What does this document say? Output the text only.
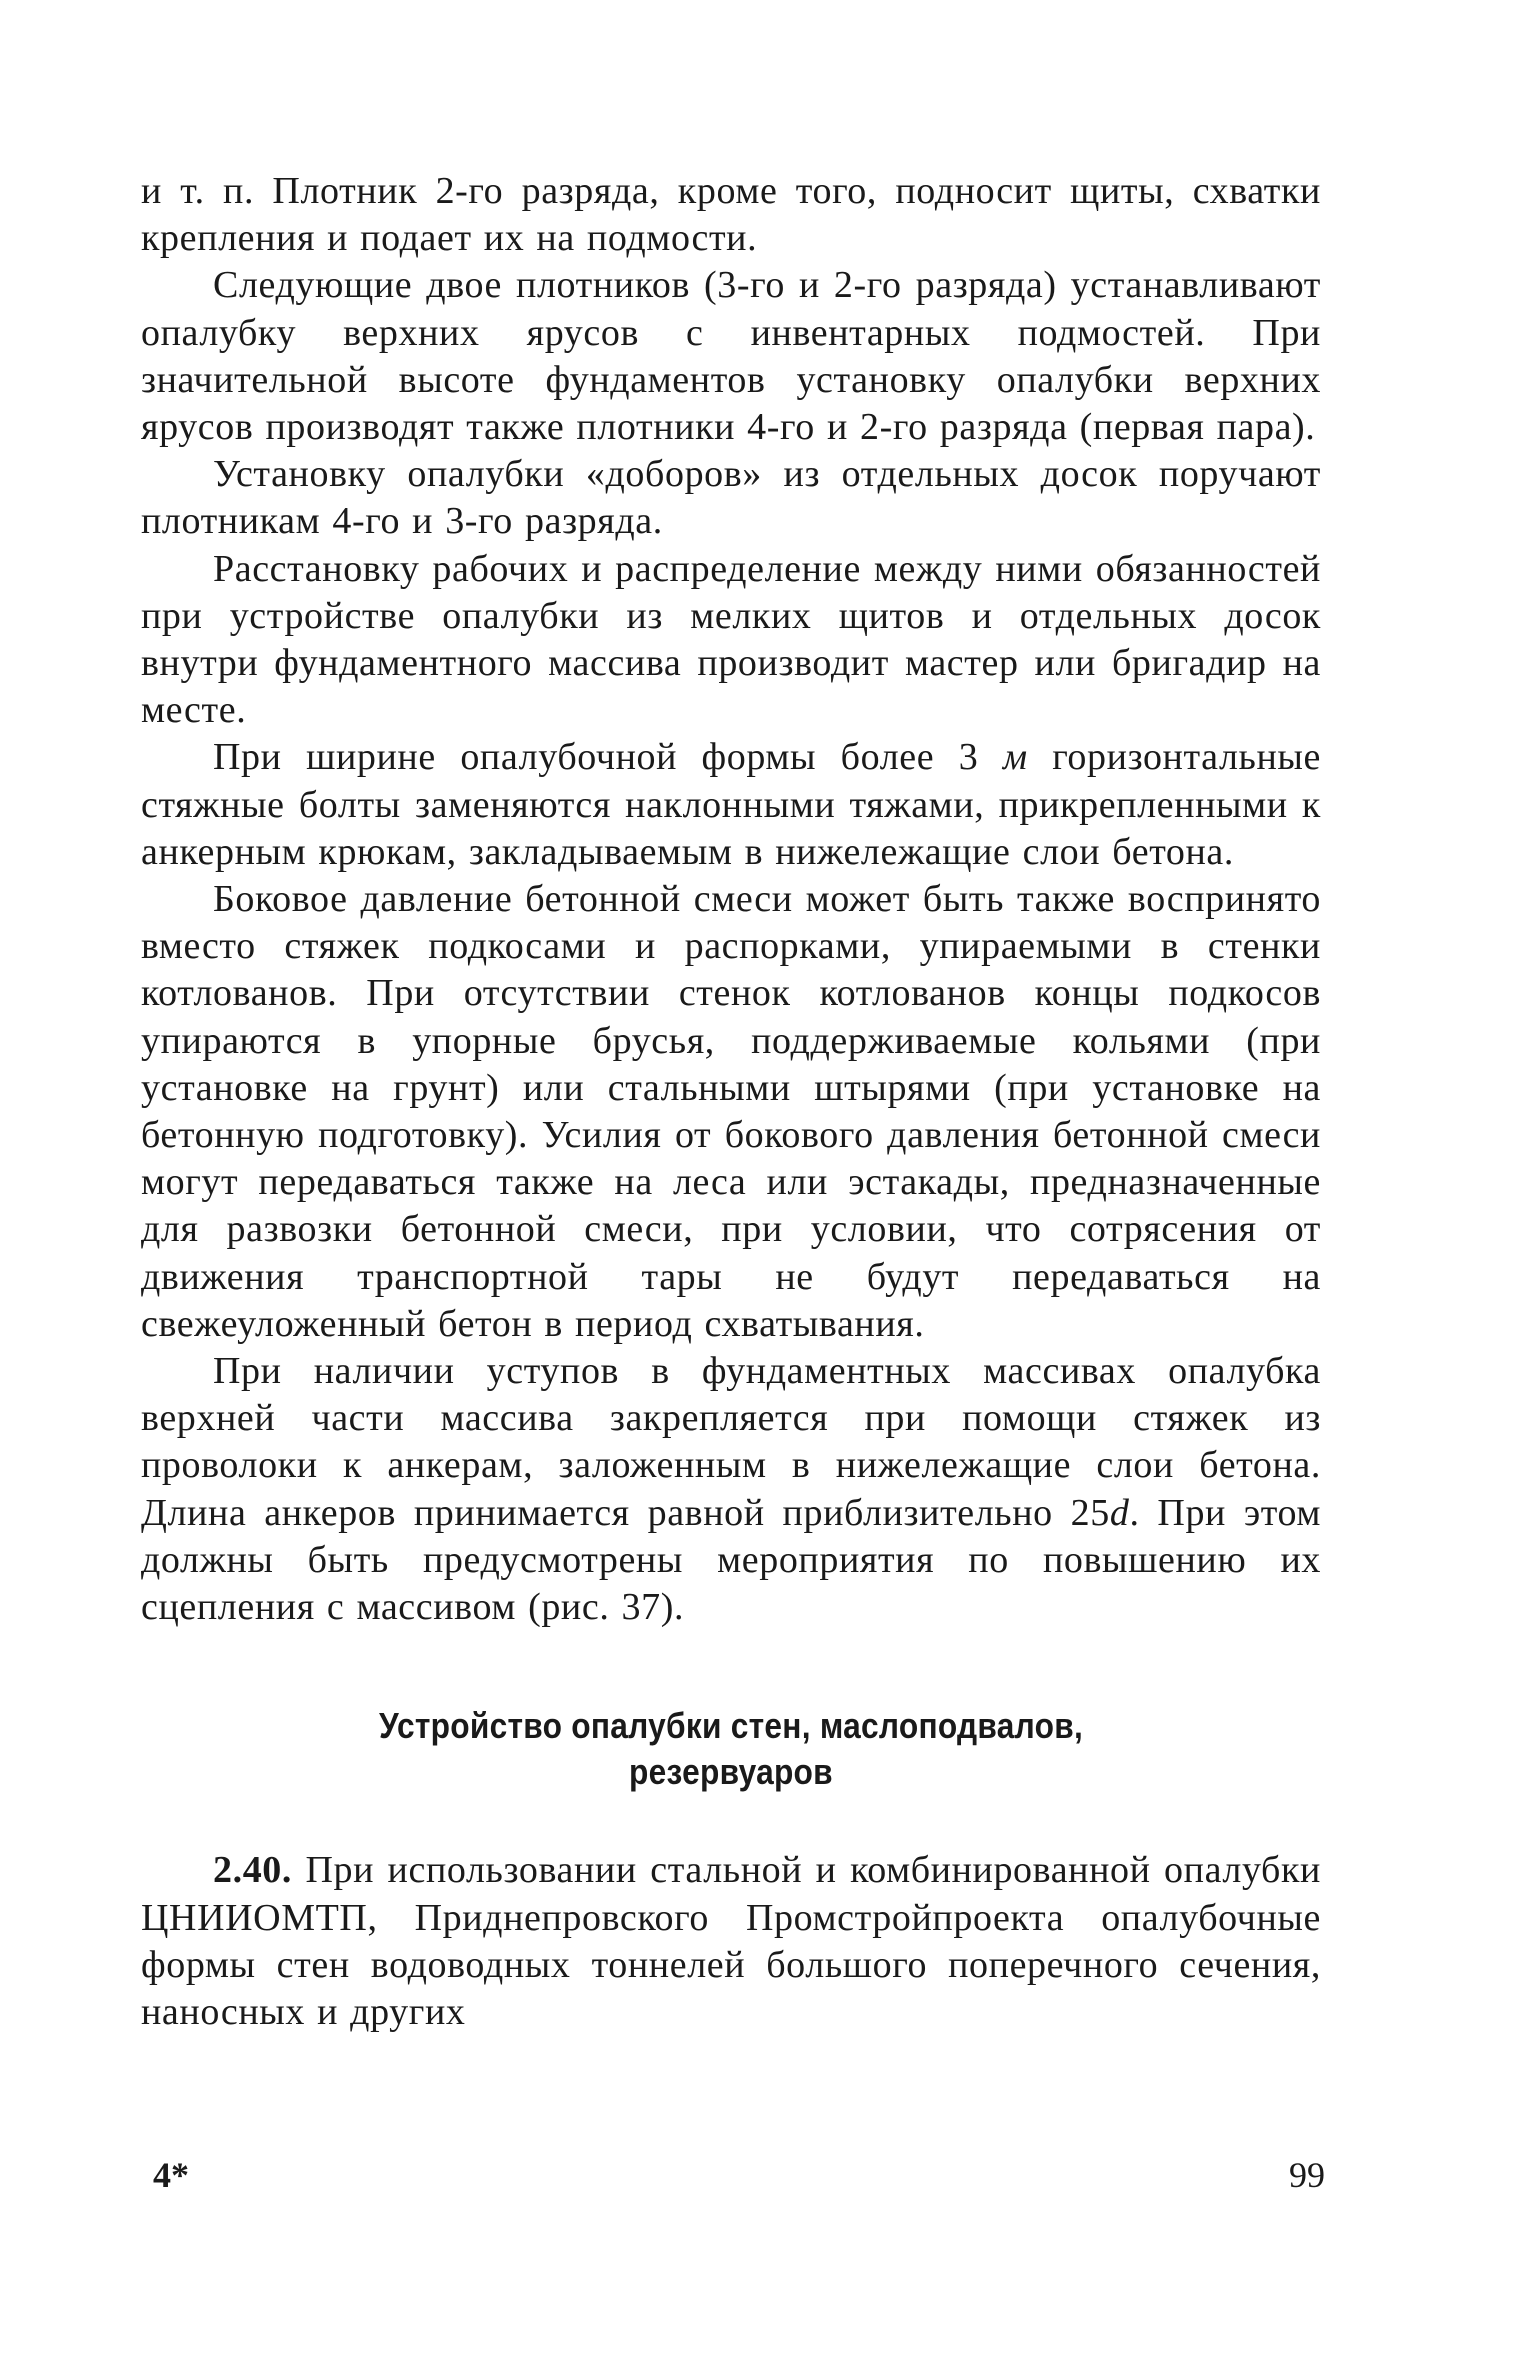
и т. п. Плотник 2-го разряда, кроме того, подносит щиты, схватки крепления и подает их на подмости.

Следующие двое плотников (3-го и 2-го разряда) устанавливают опалубку верхних ярусов с инвентарных подмостей. При значительной высоте фундаментов установку опалубки верхних ярусов производят также плотники 4-го и 2-го разряда (первая пара).

Установку опалубки «доборов» из отдельных досок поручают плотникам 4-го и 3-го разряда.

Расстановку рабочих и распределение между ними обязанностей при устройстве опалубки из мелких щитов и отдельных досок внутри фундаментного массива производит мастер или бригадир на месте.

При ширине опалубочной формы более 3 м горизонтальные стяжные болты заменяются наклонными тяжами, прикрепленными к анкерным крюкам, закладываемым в нижележащие слои бетона.

Боковое давление бетонной смеси может быть также воспринято вместо стяжек подкосами и распорками, упираемыми в стенки котлованов. При отсутствии стенок котлованов концы подкосов упираются в упорные брусья, поддерживаемые кольями (при установке на грунт) или стальными штырями (при установке на бетонную подготовку). Усилия от бокового давления бетонной смеси могут передаваться также на леса или эстакады, предназначенные для развозки бетонной смеси, при условии, что сотрясения от движения транспортной тары не будут передаваться на свежеуложенный бетон в период схватывания.

При наличии уступов в фундаментных массивах опалубка верхней части массива закрепляется при помощи стяжек из проволоки к анкерам, заложенным в нижележащие слои бетона. Длина анкеров принимается равной приблизительно 25d. При этом должны быть предусмотрены мероприятия по повышению их сцепления с массивом (рис. 37).

Устройство опалубки стен, маслоподвалов,
резервуаров

2.40. При использовании стальной и комбинированной опалубки ЦНИИОМТП, Приднепровского Промстройпроекта опалубочные формы стен водоводных тоннелей большого поперечного сечения, наносных и других

4*	99
